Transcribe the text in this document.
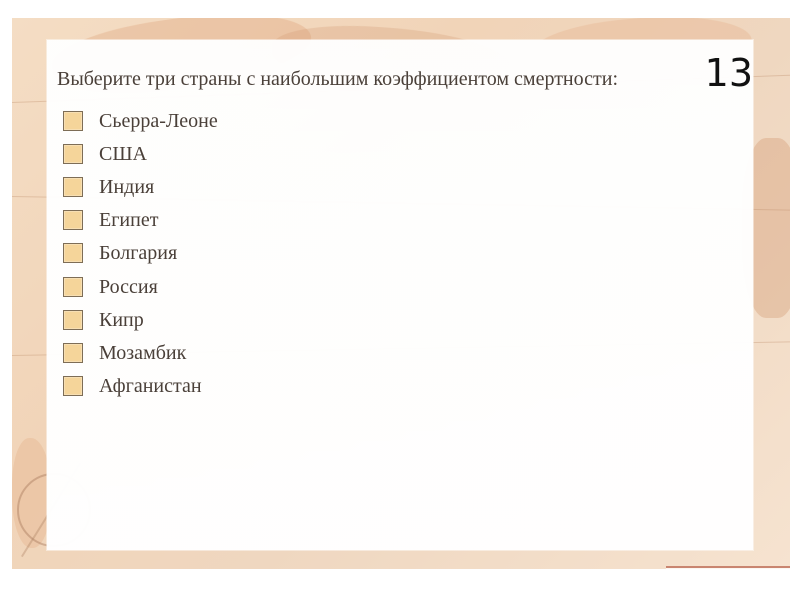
Выберите три страны с наибольшим коэффициентом смертности:	13
Сьерра-Леоне
США
Индия
Египет
Болгария
Россия
Кипр
Мозамбик
Афганистан
